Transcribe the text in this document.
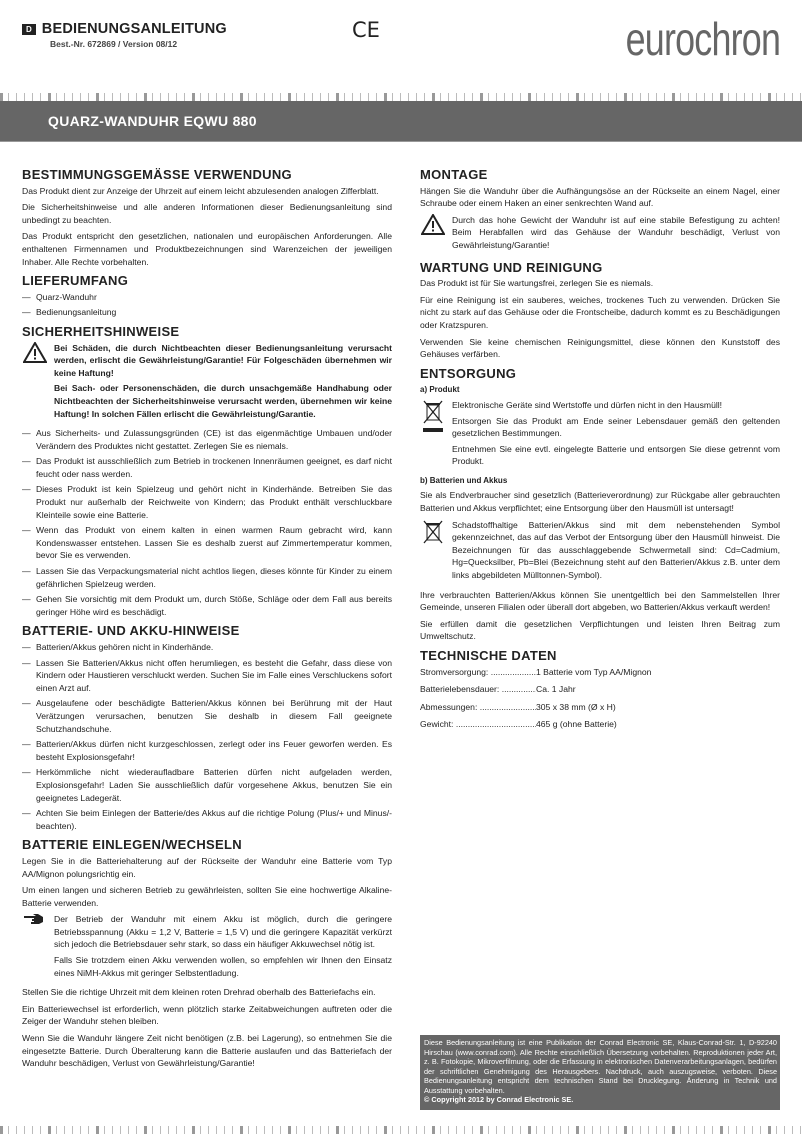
D BEDIENUNGSANLEITUNG
Best.-Nr. 672869 / Version 08/12
CE	eurochron
QUARZ-WANDUHR EQWU 880
BESTIMMUNGSGEMÄSSE VERWENDUNG

Das Produkt dient zur Anzeige der Uhrzeit auf einem leicht abzulesenden analogen Zifferblatt.

Die Sicherheitshinweise und alle anderen Informationen dieser Bedienungsanleitung sind unbedingt zu beachten.

Das Produkt entspricht den gesetzlichen, nationalen und europäischen Anforderungen. Alle enthaltenen Firmennamen und Produktbezeichnungen sind Warenzeichen der jeweiligen Inhaber. Alle Rechte vorbehalten.

LIEFERUMFANG
— Quarz-Wanduhr
— Bedienungsanleitung
SICHERHEITSHINWEISE

Bei Schäden, die durch Nichtbeachten dieser Bedienungsanleitung verursacht werden, erlischt die Gewährleistung/Garantie! Für Folgeschäden übernehmen wir keine Haftung!

Bei Sach- oder Personenschäden, die durch unsachgemäße Handhabung oder Nichtbeachten der Sicherheitshinweise verursacht werden, übernehmen wir keine Haftung! In solchen Fällen erlischt die Gewährleistung/Garantie.

— Aus Sicherheits- und Zulassungsgründen (CE) ist das eigenmächtige Umbauen und/oder Verändern des Produktes nicht gestattet. Zerlegen Sie es niemals.
— Das Produkt ist ausschließlich zum Betrieb in trockenen Innenräumen geeignet, es darf nicht feucht oder nass werden.
— Dieses Produkt ist kein Spielzeug und gehört nicht in Kinderhände. Betreiben Sie das Produkt nur außerhalb der Reichweite von Kindern; das Produkt enthält verschluckbare Kleinteile sowie eine Batterie.
— Wenn das Produkt von einem kalten in einen warmen Raum gebracht wird, kann Kondenswasser entstehen. Lassen Sie es deshalb zuerst auf Zimmertemperatur kommen, bevor Sie es verwenden.
— Lassen Sie das Verpackungsmaterial nicht achtlos liegen, dieses könnte für Kinder zu einem gefährlichen Spielzeug werden.
— Gehen Sie vorsichtig mit dem Produkt um, durch Stöße, Schläge oder dem Fall aus bereits geringer Höhe wird es beschädigt.
BATTERIE- UND AKKU-HINWEISE
— Batterien/Akkus gehören nicht in Kinderhände.
— Lassen Sie Batterien/Akkus nicht offen herumliegen, es besteht die Gefahr, dass diese von Kindern oder Haustieren verschluckt werden. Suchen Sie im Falle eines Verschluckens sofort einen Arzt auf.
— Ausgelaufene oder beschädigte Batterien/Akkus können bei Berührung mit der Haut Verätzungen verursachen, benutzen Sie deshalb in diesem Fall geeignete Schutzhandschuhe.
— Batterien/Akkus dürfen nicht kurzgeschlossen, zerlegt oder ins Feuer geworfen werden. Es besteht Explosionsgefahr!
— Herkömmliche nicht wiederaufladbare Batterien dürfen nicht aufgeladen werden, Explosionsgefahr! Laden Sie ausschließlich dafür vorgesehene Akkus, benutzen Sie ein geeignetes Ladegerät.
— Achten Sie beim Einlegen der Batterie/des Akkus auf die richtige Polung (Plus/+ und Minus/- beachten).
BATTERIE EINLEGEN/WECHSELN

Legen Sie in die Batteriehalterung auf der Rückseite der Wanduhr eine Batterie vom Typ AA/Mignon polungsrichtig ein.

Um einen langen und sicheren Betrieb zu gewährleisten, sollten Sie eine hochwertige Alkaline-Batterie verwenden.

Der Betrieb der Wanduhr mit einem Akku ist möglich, durch die geringere Betriebsspannung (Akku = 1,2 V, Batterie = 1,5 V) und die geringere Kapazität verkürzt sich jedoch die Betriebsdauer sehr stark, so dass ein häufiger Akkuwechsel nötig ist.

Falls Sie trotzdem einen Akku verwenden wollen, so empfehlen wir Ihnen den Einsatz eines NiMH-Akkus mit geringer Selbstentladung.

Stellen Sie die richtige Uhrzeit mit dem kleinen roten Drehrad oberhalb des Batteriefachs ein.

Ein Batteriewechsel ist erforderlich, wenn plötzlich starke Zeitabweichungen auftreten oder die Zeiger der Wanduhr stehen bleiben.

Wenn Sie die Wanduhr längere Zeit nicht benötigen (z.B. bei Lagerung), so entnehmen Sie die eingesetzte Batterie. Durch Überalterung kann die Batterie auslaufen und das Batteriefach der Wanduhr beschädigen, Verlust von Gewährleistung/Garantie!

MONTAGE

Hängen Sie die Wanduhr über die Aufhängungsöse an der Rückseite an einem Nagel, einer Schraube oder einem Haken an einer senkrechten Wand auf.

Durch das hohe Gewicht der Wanduhr ist auf eine stabile Befestigung zu achten! Beim Herabfallen wird das Gehäuse der Wanduhr beschädigt, Verlust von Gewährleistung/Garantie!

WARTUNG UND REINIGUNG

Das Produkt ist für Sie wartungsfrei, zerlegen Sie es niemals.

Für eine Reinigung ist ein sauberes, weiches, trockenes Tuch zu verwenden. Drücken Sie nicht zu stark auf das Gehäuse oder die Frontscheibe, dadurch kommt es zu Beschädigungen oder Kratzspuren.

Verwenden Sie keine chemischen Reinigungsmittel, diese können den Kunststoff des Gehäuses verfärben.

ENTSORGUNG
a) Produkt

Elektronische Geräte sind Wertstoffe und dürfen nicht in den Hausmüll!

Entsorgen Sie das Produkt am Ende seiner Lebensdauer gemäß den geltenden gesetzlichen Bestimmungen.

Entnehmen Sie eine evtl. eingelegte Batterie und entsorgen Sie diese getrennt vom Produkt.

b) Batterien und Akkus

Sie als Endverbraucher sind gesetzlich (Batterieverordnung) zur Rückgabe aller gebrauchten Batterien und Akkus verpflichtet; eine Entsorgung über den Hausmüll ist untersagt!

Schadstoffhaltige Batterien/Akkus sind mit dem nebenstehenden Symbol gekennzeichnet, das auf das Verbot der Entsorgung über den Hausmüll hinweist. Die Bezeichnungen für das ausschlaggebende Schwermetall sind: Cd=Cadmium, Hg=Quecksilber, Pb=Blei (Bezeichnung steht auf den Batterien/Akkus z.B. unter dem links abgebildeten Mülltonnen-Symbol).

Ihre verbrauchten Batterien/Akkus können Sie unentgeltlich bei den Sammelstellen Ihrer Gemeinde, unseren Filialen oder überall dort abgeben, wo Batterien/Akkus verkauft werden!

Sie erfüllen damit die gesetzlichen Verpflichtungen und leisten Ihren Beitrag zum Umweltschutz.

TECHNISCHE DATEN
Stromversorgung: .....	1 Batterie vom Typ AA/Mignon
Batterielebensdauer: .....	Ca. 1 Jahr
Abmessungen: .....	305 x 38 mm (Ø x H)
Gewicht: .....	465 g (ohne Batterie)
Diese Bedienungsanleitung ist eine Publikation der Conrad Electronic SE, Klaus-Conrad-Str. 1, D-92240 Hirschau (www.conrad.com). Alle Rechte einschließlich Übersetzung vorbehalten. Reproduktionen jeder Art, z. B. Fotokopie, Mikroverfilmung, oder die Erfassung in elektronischen Datenverarbeitungsanlagen, bedürfen der schriftlichen Genehmigung des Herausgebers. Nachdruck, auch auszugsweise, verboten. Diese Bedienungsanleitung entspricht dem technischen Stand bei Drucklegung. Änderung in Technik und Ausstattung vorbehalten.
© Copyright 2012 by Conrad Electronic SE.
